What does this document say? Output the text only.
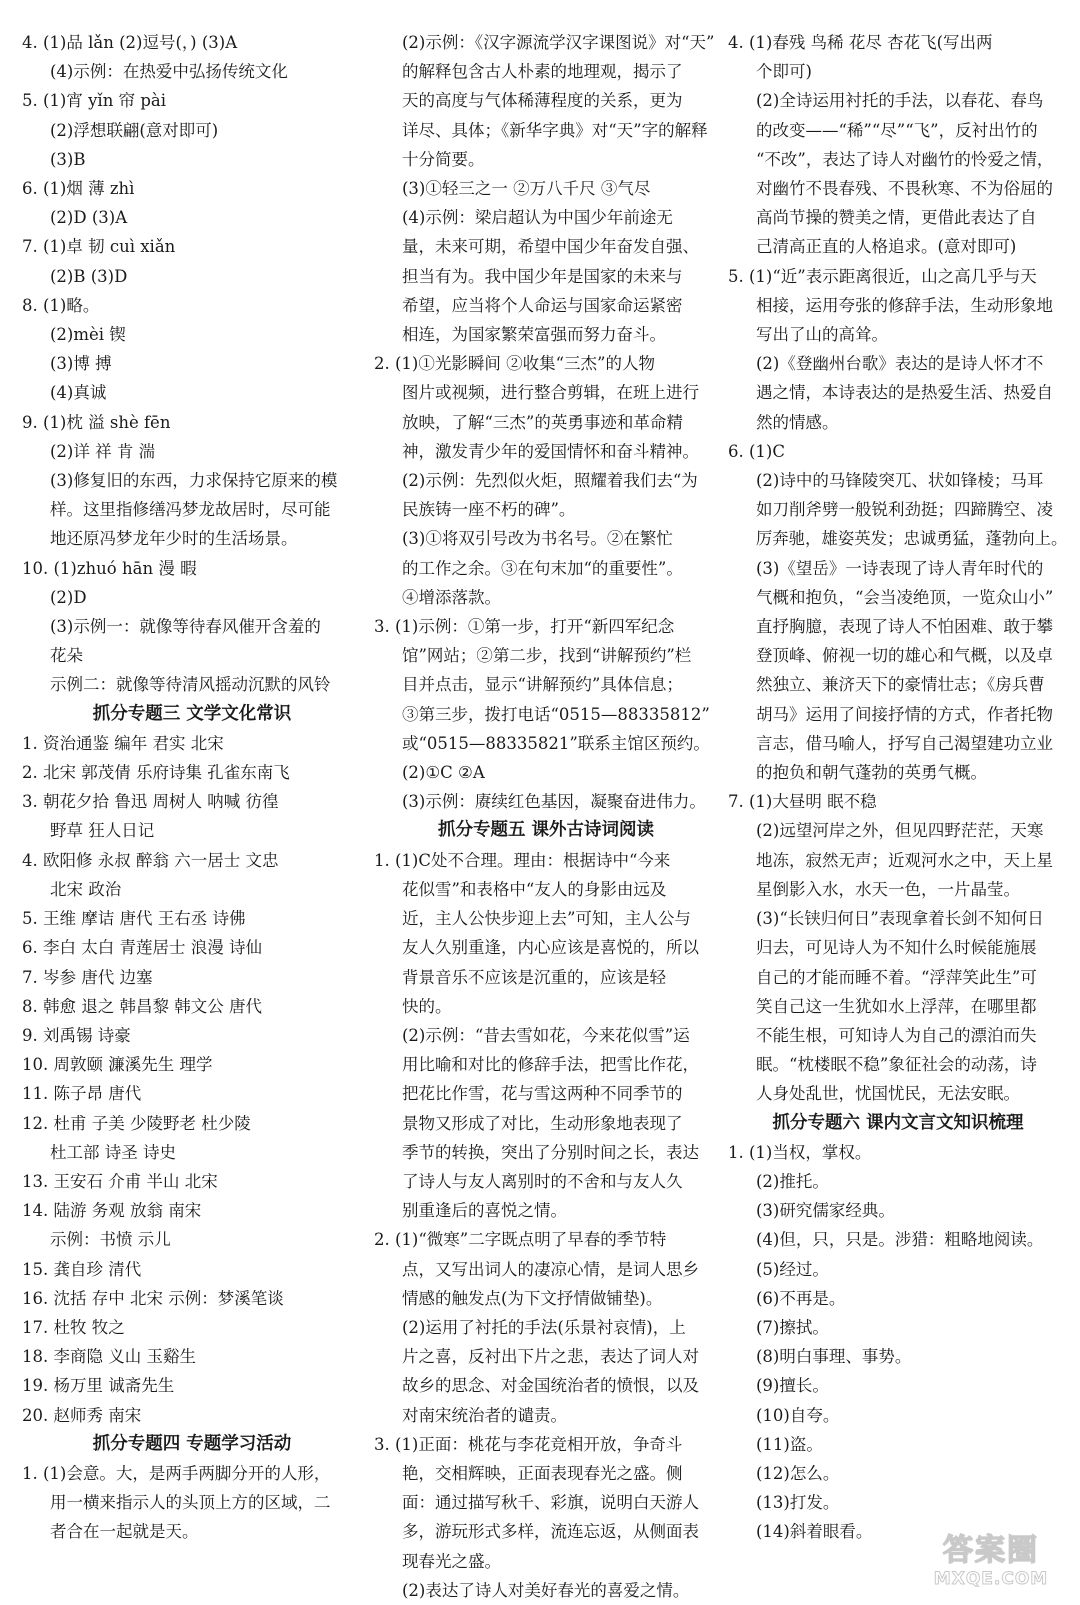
4. (1)品 lǎn (2)逗号(，) (3)A
(4)示例：在热爱中弘扬传统文化
5. (1)宵 yǐn 帘 pài
(2)浮想联翩(意对即可)
(3)B
6. (1)烟 薄 zhì
(2)D (3)A
7. (1)卓 韧 cuì xiǎn
(2)B (3)D
8. (1)略。
(2)mèi 锲
(3)博 搏
(4)真诚
9. (1)枕 溢 shè fēn
(2)详 祥 肯 湍
(3)修复旧的东西，力求保持它原来的模
样。这里指修缮冯梦龙故居时，尽可能
地还原冯梦龙年少时的生活场景。
10. (1)zhuó hān 漫 暇
(2)D
(3)示例一：就像等待春风催开含羞的
花朵
示例二：就像等待清风摇动沉默的风铃
抓分专题三 文学文化常识
1. 资治通鉴 编年 君实 北宋
2. 北宋 郭茂倩 乐府诗集 孔雀东南飞
3. 朝花夕拾 鲁迅 周树人 呐喊 彷徨
野草 狂人日记
4. 欧阳修 永叔 醉翁 六一居士 文忠
北宋 政治
5. 王维 摩诘 唐代 王右丞 诗佛
6. 李白 太白 青莲居士 浪漫 诗仙
7. 岑参 唐代 边塞
8. 韩愈 退之 韩昌黎 韩文公 唐代
9. 刘禹锡 诗豪
10. 周敦颐 濂溪先生 理学
11. 陈子昂 唐代
12. 杜甫 子美 少陵野老 杜少陵
杜工部 诗圣 诗史
13. 王安石 介甫 半山 北宋
14. 陆游 务观 放翁 南宋
示例：书愤 示儿
15. 龚自珍 清代
16. 沈括 存中 北宋 示例：梦溪笔谈
17. 杜牧 牧之
18. 李商隐 义山 玉谿生
19. 杨万里 诚斋先生
20. 赵师秀 南宋
抓分专题四 专题学习活动
1. (1)会意。大，是两手两脚分开的人形，
用一横来指示人的头顶上方的区域，二
者合在一起就是天。
(2)示例：《汉字源流学汉字课图说》对“天”
的解释包含古人朴素的地理观，揭示了
天的高度与气体稀薄程度的关系，更为
详尽、具体；《新华字典》对“天”字的解释
十分简要。
(3)①轻三之一 ②万八千尺 ③气尽
(4)示例：梁启超认为中国少年前途无
量，未来可期，希望中国少年奋发自强、
担当有为。我中国少年是国家的未来与
希望，应当将个人命运与国家命运紧密
相连，为国家繁荣富强而努力奋斗。
2. (1)①光影瞬间 ②收集“三杰”的人物
图片或视频，进行整合剪辑，在班上进行
放映，了解“三杰”的英勇事迹和革命精
神，激发青少年的爱国情怀和奋斗精神。
(2)示例：先烈似火炬，照耀着我们去“为
民族铸一座不朽的碑”。
(3)①将双引号改为书名号。②在繁忙
的工作之余。③在句末加“的重要性”。
④增添落款。
3. (1)示例：①第一步，打开“新四军纪念
馆”网站；②第二步，找到“讲解预约”栏
目并点击，显示“讲解预约”具体信息；
③第三步，拨打电话“0515—88335812”
或“0515—88335821”联系主馆区预约。
(2)①C ②A
(3)示例：赓续红色基因，凝聚奋进伟力。
抓分专题五 课外古诗词阅读
1. (1)C处不合理。理由：根据诗中“今来
花似雪”和表格中“友人的身影由远及
近，主人公快步迎上去”可知，主人公与
友人久别重逢，内心应该是喜悦的，所以
背景音乐不应该是沉重的，应该是轻
快的。
(2)示例：“昔去雪如花，今来花似雪”运
用比喻和对比的修辞手法，把雪比作花，
把花比作雪，花与雪这两种不同季节的
景物又形成了对比，生动形象地表现了
季节的转换，突出了分别时间之长，表达
了诗人与友人离别时的不舍和与友人久
别重逢后的喜悦之情。
2. (1)“微寒”二字既点明了早春的季节特
点，又写出词人的凄凉心情，是词人思乡
情感的触发点(为下文抒情做铺垫)。
(2)运用了衬托的手法(乐景衬哀情)，上
片之喜，反衬出下片之悲，表达了词人对
故乡的思念、对金国统治者的愤恨，以及
对南宋统治者的谴责。
3. (1)正面：桃花与李花竞相开放，争奇斗
艳，交相辉映，正面表现春光之盛。侧
面：通过描写秋千、彩旗，说明白天游人
多，游玩形式多样，流连忘返，从侧面表
现春光之盛。
(2)表达了诗人对美好春光的喜爱之情。
4. (1)春残 鸟稀 花尽 杏花飞(写出两
个即可)
(2)全诗运用衬托的手法，以春花、春鸟
的改变——“稀”“尽”“飞”，反衬出竹的
“不改”，表达了诗人对幽竹的怜爱之情，
对幽竹不畏春残、不畏秋寒、不为俗屈的
高尚节操的赞美之情，更借此表达了自
己清高正直的人格追求。(意对即可)
5. (1)“近”表示距离很近，山之高几乎与天
相接，运用夸张的修辞手法，生动形象地
写出了山的高耸。
(2)《登幽州台歌》表达的是诗人怀才不
遇之情，本诗表达的是热爱生活、热爱自
然的情感。
6. (1)C
(2)诗中的马锋陵突兀、状如锋棱；马耳
如刀削斧劈一般锐利劲挺；四蹄腾空、凌
厉奔驰，雄姿英发；忠诚勇猛，蓬勃向上。
(3)《望岳》一诗表现了诗人青年时代的
气概和抱负，“会当凌绝顶，一览众山小”
直抒胸臆，表现了诗人不怕困难、敢于攀
登顶峰、俯视一切的雄心和气概，以及卓
然独立、兼济天下的豪情壮志；《房兵曹
胡马》运用了间接抒情的方式，作者托物
言志，借马喻人，抒写自己渴望建功立业
的抱负和朝气蓬勃的英勇气概。
7. (1)大昼明 眠不稳
(2)远望河岸之外，但见四野茫茫，天寒
地冻，寂然无声；近观河水之中，天上星
星倒影入水，水天一色，一片晶莹。
(3)“长铗归何日”表现拿着长剑不知何日
归去，可见诗人为不知什么时候能施展
自己的才能而睡不着。“浮萍笑此生”可
笑自己这一生犹如水上浮萍，在哪里都
不能生根，可知诗人为自己的漂泊而失
眠。“枕楼眠不稳”象征社会的动荡，诗
人身处乱世，忧国忧民，无法安眠。
抓分专题六 课内文言文知识梳理
1. (1)当权，掌权。
(2)推托。
(3)研究儒家经典。
(4)但，只，只是。涉猎：粗略地阅读。
(5)经过。
(6)不再是。
(7)擦拭。
(8)明白事理、事势。
(9)擅长。
(10)自夸。
(11)盗。
(12)怎么。
(13)打发。
(14)斜着眼看。
答案圈
MXQE.COM
